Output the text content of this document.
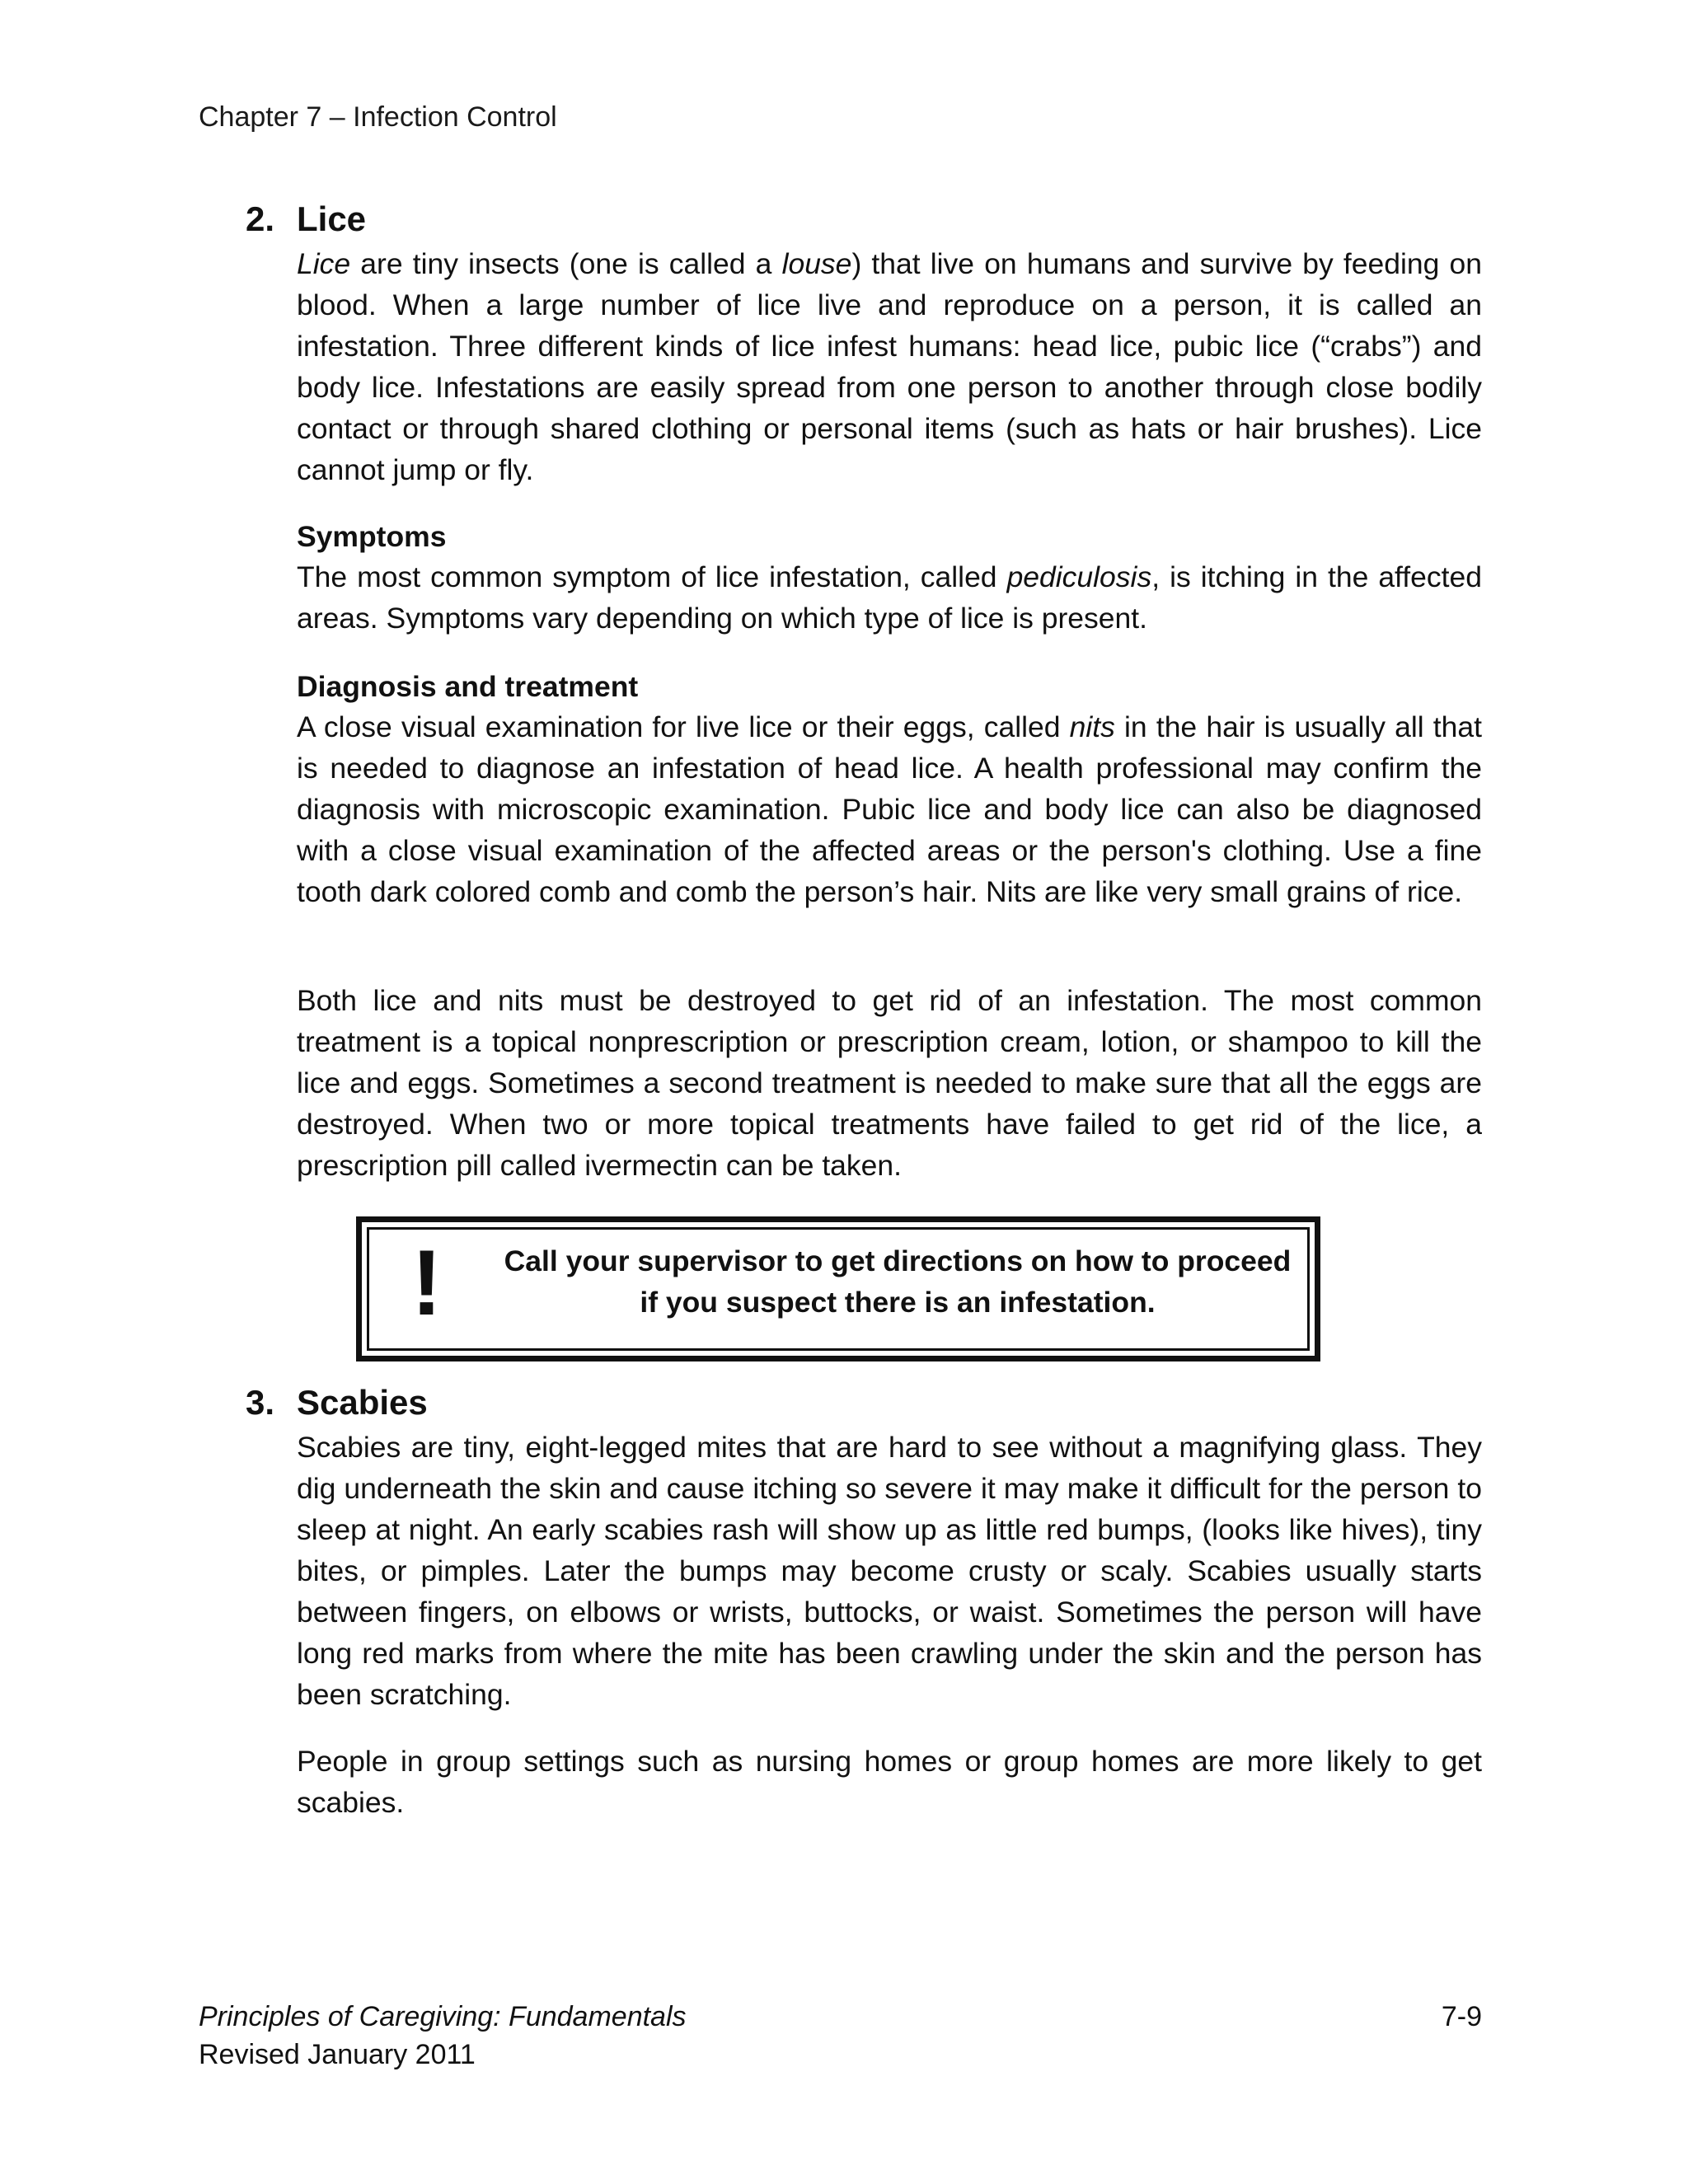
Chapter 7 – Infection Control
2. Lice

Lice are tiny insects (one is called a louse) that live on humans and survive by feeding on blood. When a large number of lice live and reproduce on a person, it is called an infestation. Three different kinds of lice infest humans: head lice, pubic lice (“crabs”) and body lice. Infestations are easily spread from one person to another through close bodily contact or through shared clothing or personal items (such as hats or hair brushes). Lice cannot jump or fly.

Symptoms

The most common symptom of lice infestation, called pediculosis, is itching in the affected areas. Symptoms vary depending on which type of lice is present.

Diagnosis and treatment

A close visual examination for live lice or their eggs, called nits in the hair is usually all that is needed to diagnose an infestation of head lice. A health professional may confirm the diagnosis with microscopic examination. Pubic lice and body lice can also be diagnosed with a close visual examination of the affected areas or the person's clothing. Use a fine tooth dark colored comb and comb the person’s hair. Nits are like very small grains of rice.

Both lice and nits must be destroyed to get rid of an infestation. The most common treatment is a topical nonprescription or prescription cream, lotion, or shampoo to kill the lice and eggs. Sometimes a second treatment is needed to make sure that all the eggs are destroyed. When two or more topical treatments have failed to get rid of the lice, a prescription pill called ivermectin can be taken.

! Call your supervisor to get directions on how to proceed
if you suspect there is an infestation.
3. Scabies

Scabies are tiny, eight-legged mites that are hard to see without a magnifying glass. They dig underneath the skin and cause itching so severe it may make it difficult for the person to sleep at night. An early scabies rash will show up as little red bumps, (looks like hives), tiny bites, or pimples. Later the bumps may become crusty or scaly. Scabies usually starts between fingers, on elbows or wrists, buttocks, or waist. Sometimes the person will have long red marks from where the mite has been crawling under the skin and the person has been scratching.

People in group settings such as nursing homes or group homes are more likely to get scabies.

Principles of Caregiving: Fundamentals
Revised January 2011
7-9
